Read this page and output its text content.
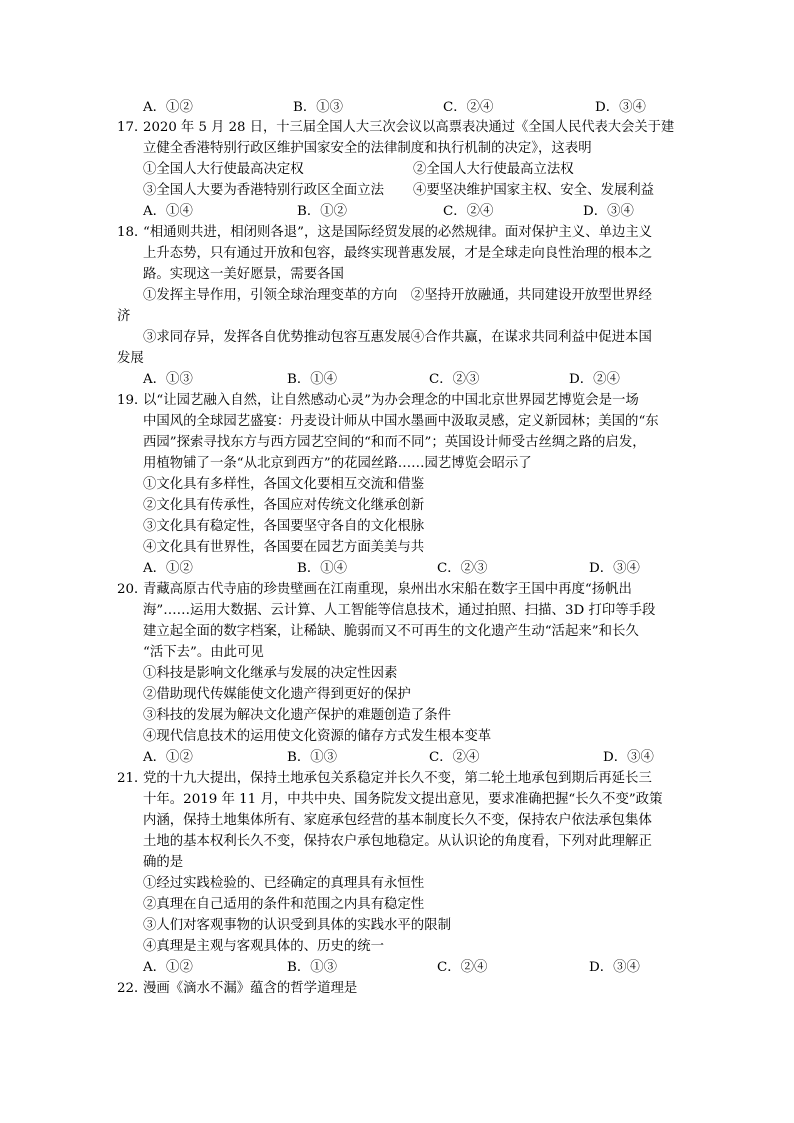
A．①②	B．①③	C．②④	D．③④
17．
2020 年 5 月 28 日，十三届全国人大三次会议以高票表决通过《全国人民代表大会关于建
立健全香港特别行政区维护国家安全的法律制度和执行机制的决定》，这表明
①全国人大行使最高决定权	②全国人大行使最高立法权
③全国人大要为香港特别行政区全面立法 ④要坚决维护国家主权、安全、发展利益
A．①④	B．①②	C．②④	D．③④
18．
“相通则共进，相闭则各退”，这是国际经贸发展的必然规律。面对保护主义、单边主义
上升态势，只有通过开放和包容，最终实现普惠发展，才是全球走向良性治理的根本之
路。实现这一美好愿景，需要各国
①发挥主导作用，引领全球治理变革的方向　②坚持开放融通，共同建设开放型世界经
济
③求同存异，发挥各自优势推动包容互惠发展④合作共赢，在谋求共同利益中促进本国
发展
A．①③	B．①④	C．②③	D．②④
19．
以“让园艺融入自然，让自然感动心灵”为办会理念的中国北京世界园艺博览会是一场
中国风的全球园艺盛宴：丹麦设计师从中国水墨画中汲取灵感，定义新园林；美国的“东
西园”探索寻找东方与西方园艺空间的“和而不同”；英国设计师受古丝绸之路的启发，
用植物铺了一条“从北京到西方”的花园丝路……园艺博览会昭示了
①文化具有多样性，各国文化要相互交流和借鉴
②文化具有传承性，各国应对传统文化继承创新
③文化具有稳定性，各国要坚守各自的文化根脉
④文化具有世界性，各国要在园艺方面美美与共
A．①②	B．①④	C．②③	D．③④
20．
青藏高原古代寺庙的珍贵壁画在江南重现，泉州出水宋船在数字王国中再度“扬帆出
海”……运用大数据、云计算、人工智能等信息技术，通过拍照、扫描、3D 打印等手段
建立起全面的数字档案，让稀缺、脆弱而又不可再生的文化遗产生动“活起来”和长久
“活下去”。由此可见
①科技是影响文化继承与发展的决定性因素
②借助现代传媒能使文化遗产得到更好的保护
③科技的发展为解决文化遗产保护的难题创造了条件
④现代信息技术的运用使文化资源的储存方式发生根本变革
A．①②	B．①③	C．②④	D．③④
21．
党的十九大提出，保持土地承包关系稳定并长久不变，第二轮土地承包到期后再延长三
十年。2019 年 11 月，中共中央、国务院发文提出意见，要求准确把握“长久不变”政策
内涵，保持土地集体所有、家庭承包经营的基本制度长久不变，保持农户依法承包集体
土地的基本权利长久不变，保持农户承包地稳定。从认识论的角度看，下列对此理解正
确的是
①经过实践检验的、已经确定的真理具有永恒性
②真理在自己适用的条件和范围之内具有稳定性
③人们对客观事物的认识受到具体的实践水平的限制
④真理是主观与客观具体的、历史的统一
A．①②	B．①③	C．②④	D．③④
22．
漫画《滴水不漏》蕴含的哲学道理是
